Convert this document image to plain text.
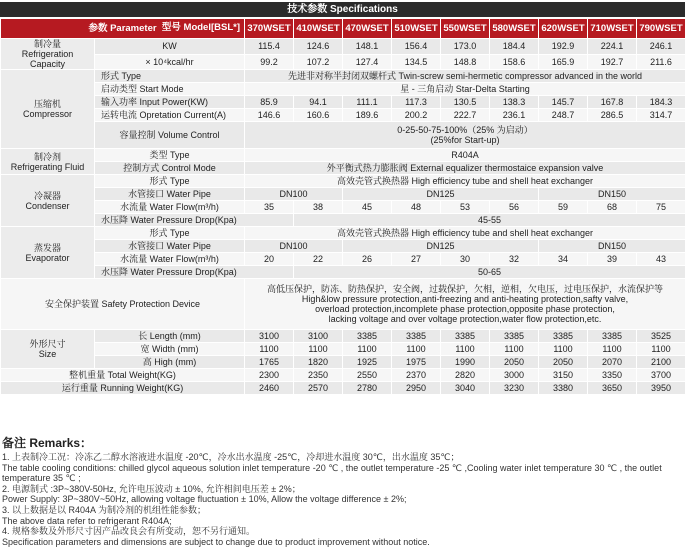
技术参数 Specifications
参数 Parameter 型号 Model[BSL*]		370WSET	410WSET	470WSET	510WSET	550WSET	580WSET	620WSET	710WSET	790WSET
制冷量
Refrigeration Capacity	KW	115.4	124.6	148.1	156.4	173.0	184.4	192.9	224.1	246.1
	× 10⁴kcal/hr	99.2	107.2	127.4	134.5	148.8	158.6	165.9	192.7	211.6
压缩机
Compressor	形式 Type	先进非对称半封闭双螺杆式 Twin-screw semi-hermetic compressor advanced in the world								
	启动类型 Start Mode	星 - 三角启动 Star-Delta Starting								
	输入功率 Input Power(KW)	85.9	94.1	111.1	117.3	130.5	138.3	145.7	167.8	184.3
	运转电流 Opretation Current(A)	146.6	160.6	189.6	200.2	222.7	236.1	248.7	286.5	314.7
	容量控制 Volume Control	0-25-50-75-100%（25% 为启动）
(25%for Start-up)								
制冷剂
Refrigerating Fluid	类型 Type	R404A								
	控制方式 Control Mode	外平衡式热力膨胀阀 External equalizer thermostaice expansion valve								
冷凝器
Condenser	形式 Type	高效壳管式换热器 High efficiency tube and shell heat exchanger								
	水管接口 Water Pipe	DN100		DN125				DN150		
	水流量 Water Flow(m³/h)	35	38	45	48	53	56	59	68	75
	水压降 Water Pressure Drop(Kpa)		45-55							
蒸发器
Evaporator	形式 Type	高效壳管式换热器 High efficiency tube and shell heat exchanger								
	水管接口 Water Pipe	DN100		DN125				DN150		
	水流量 Water Flow(m³/h)	20	22	26	27	30	32	34	39	43
	水压降 Water Pressure Drop(Kpa)		50-65							
安全保护装置 Safety Protection Device		高低压保护，防冻、防热保护，安全阀，过载保护，欠相，逆相，欠电压，过电压保护，水流保护等
High&low pressure protection,anti-freezing and anti-heating protection,safty valve,
overload protection,incomplete phase protection,opposite phase protection,
lacking voltage and over voltage protection,water flow protection,etc.								
外形尺寸
Size	长 Length (mm)	3100	3100	3385	3385	3385	3385	3385	3385	3525
	宽 Width (mm)	1100	1100	1100	1100	1100	1100	1100	1100	1100
	高 High (mm)	1765	1820	1925	1975	1990	2050	2050	2070	2100
整机重量 Total Weight(KG)		2300	2350	2550	2370	2820	3000	3150	3350	3700
运行重量 Running Weight(KG)		2460	2570	2780	2950	3040	3230	3380	3650	3950
备注 Remarks：
1. 上表制冷工况：冷冻乙二醇水溶液进水温度 -20℃，冷水出水温度 -25℃，冷却进水温度 30℃，出水温度 35℃；
The table cooling conditions: chilled glycol aqueous solution inlet temperature -20 ℃ , the outlet temperature -25 ℃ ,Cooling water inlet temperature 30 ℃ , the outlet
temperature 35 ℃ ;
2. 电源制式 :3P~380V-50Hz, 允许电压波动 ± 10%, 允许相间电压差 ± 2%；
Power Supply: 3P~380V~50Hz, allowing voltage fluctuation ± 10%, Allow the voltage difference ± 2%;
3. 以上数据是以 R404A 为制冷剂的机组性能参数；
The above data refer to refrigerant R404A;
4. 规格参数及外形尺寸因产品改良会有所变动，恕不另行通知。
Specification parameters and dimensions are subject to change due to product improvement without notice.
